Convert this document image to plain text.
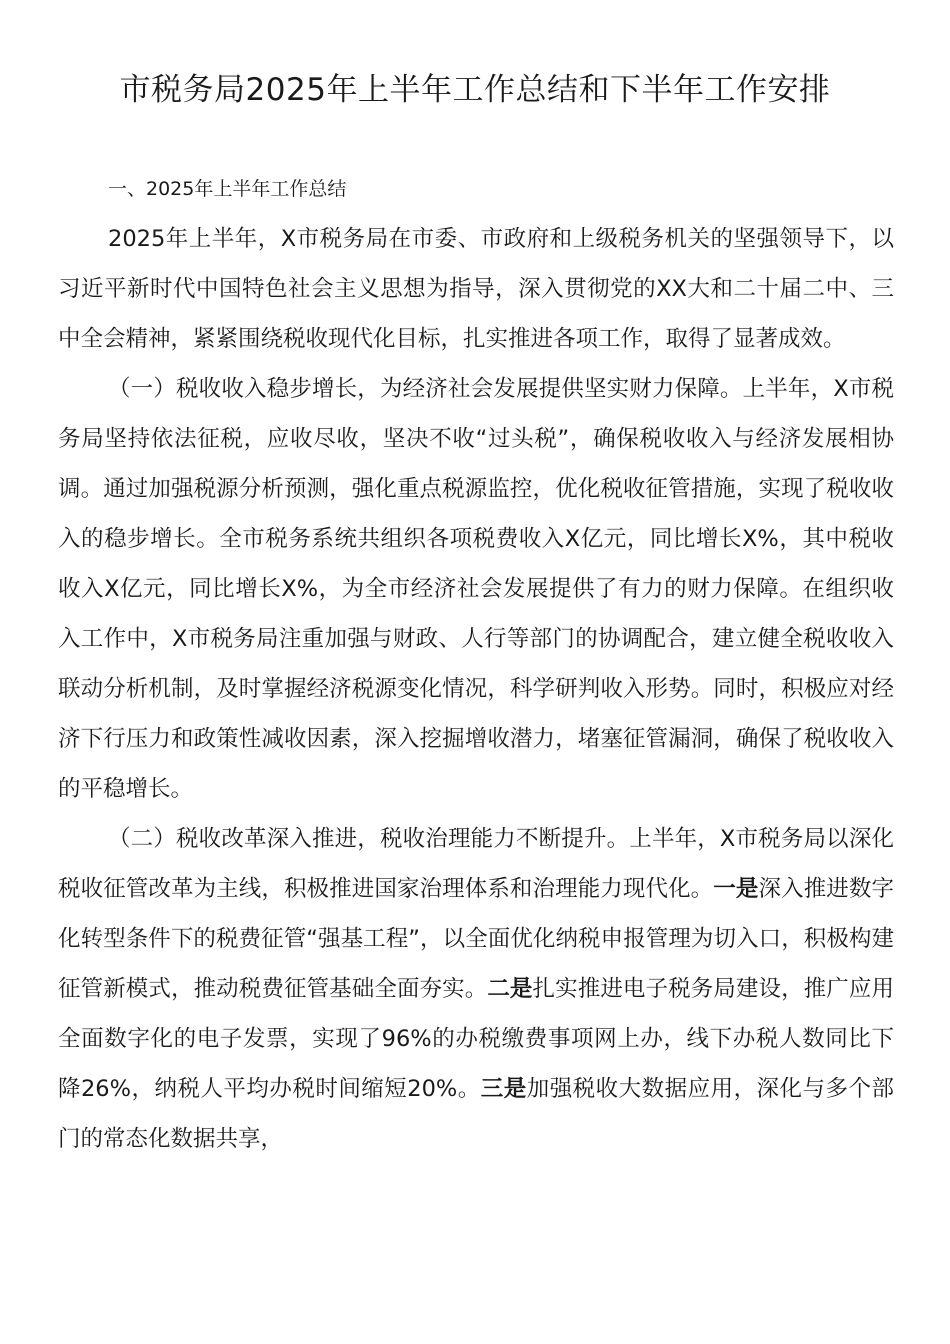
市税务局2025年上半年工作总结和下半年工作安排

一、2025年上半年工作总结

2025年上半年，X市税务局在市委、市政府和上级税务机关的坚强领导下，以习近平新时代中国特色社会主义思想为指导，深入贯彻党的XX大和二十届二中、三中全会精神，紧紧围绕税收现代化目标，扎实推进各项工作，取得了显著成效。

（一）税收收入稳步增长，为经济社会发展提供坚实财力保障。上半年，X市税务局坚持依法征税，应收尽收，坚决不收“过头税”，确保税收收入与经济发展相协调。通过加强税源分析预测，强化重点税源监控，优化税收征管措施，实现了税收收入的稳步增长。全市税务系统共组织各项税费收入X亿元，同比增长X%，其中税收收入X亿元，同比增长X%，为全市经济社会发展提供了有力的财力保障。在组织收入工作中，X市税务局注重加强与财政、人行等部门的协调配合，建立健全税收收入联动分析机制，及时掌握经济税源变化情况，科学研判收入形势。同时，积极应对经济下行压力和政策性减收因素，深入挖掘增收潜力，堵塞征管漏洞，确保了税收收入的平稳增长。

（二）税收改革深入推进，税收治理能力不断提升。上半年，X市税务局以深化税收征管改革为主线，积极推进国家治理体系和治理能力现代化。一是深入推进数字化转型条件下的税费征管“强基工程”，以全面优化纳税申报管理为切入口，积极构建征管新模式，推动税费征管基础全面夯实。二是扎实推进电子税务局建设，推广应用全面数字化的电子发票，实现了96%的办税缴费事项网上办，线下办税人数同比下降26%，纳税人平均办税时间缩短20%。三是加强税收大数据应用，深化与多个部门的常态化数据共享，
